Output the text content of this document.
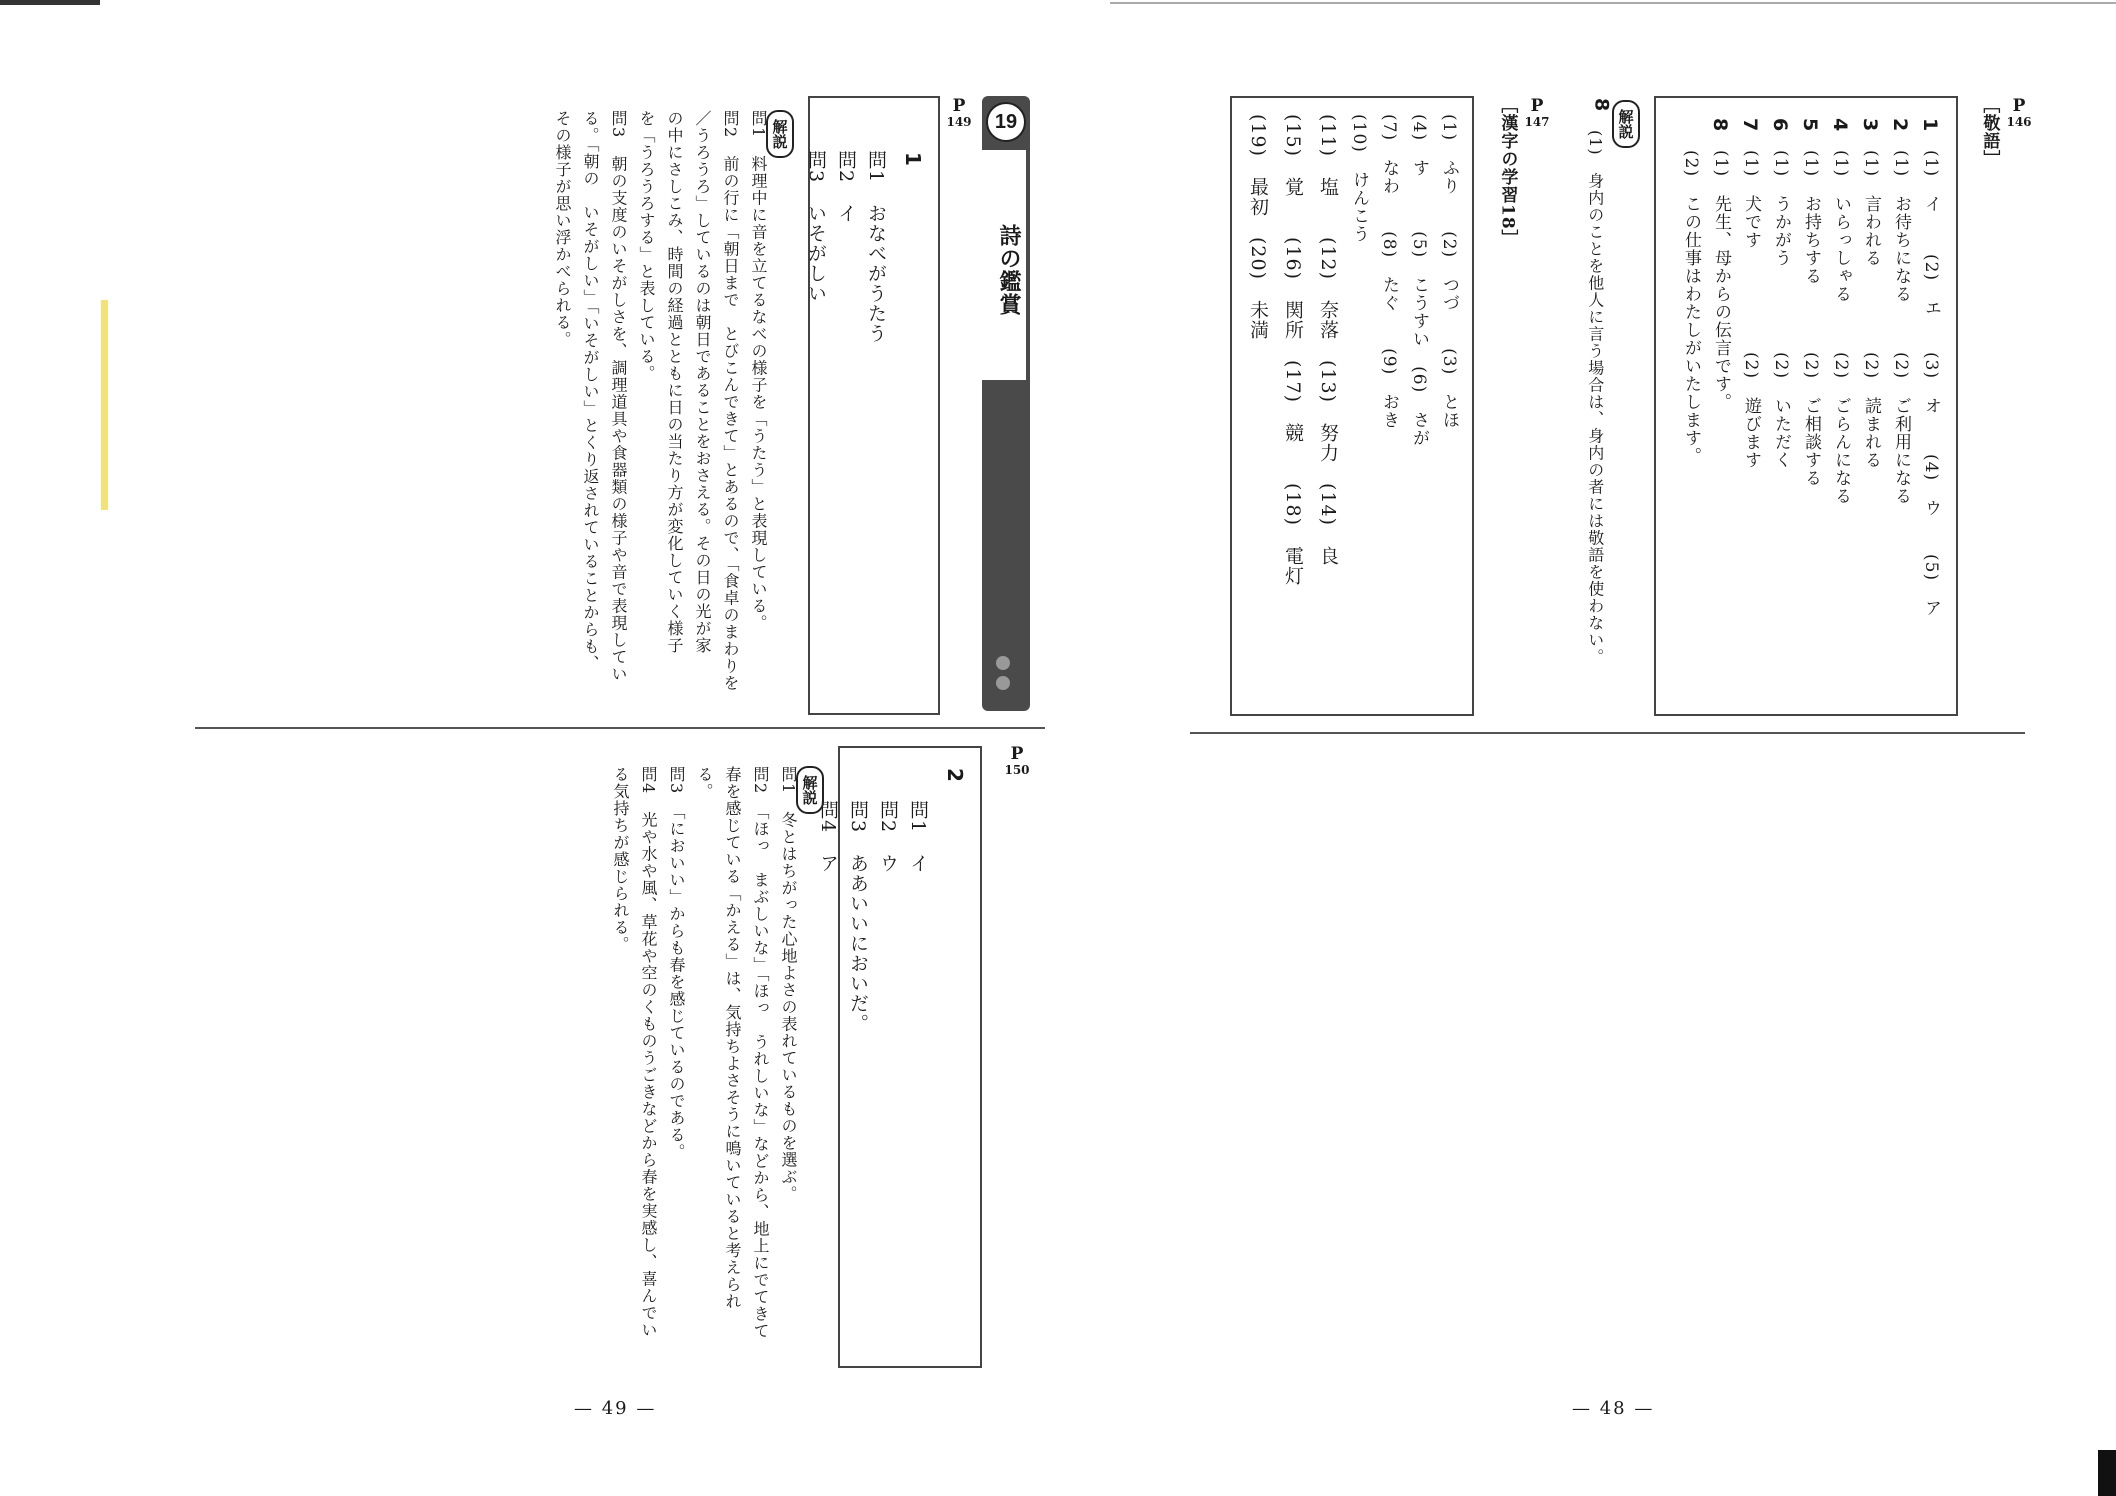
19
詩の鑑賞
P
149
1
問1　おなべがうたう
問2　イ
問3　いそがしい
解説
問1　料理中に音を立てるなべの様子を「うたう」と表現している。
問2　前の行に「朝日まで　とびこんできて」とあるので、「食卓のまわりを
／うろうろ」しているのは朝日であることをおさえる。その日の光が家
の中にさしこみ、時間の経過とともに日の当たり方が変化していく様子
を「うろうろする」と表している。
問3　朝の支度のいそがしさを、調理道具や食器類の様子や音で表現してい
る。「朝の　いそがしい」「いそがしい」とくり返されていることからも、
その様子が思い浮かべられる。
P
150
2
問1　イ
問2　ウ
問3　ああいいにおいだ。
問4　ア
解説
問1　冬とはちがった心地よさの表れているものを選ぶ。
問2　「ほっ　まぶしいな」「ほっ　うれしいな」などから、地上にでてきて
春を感じている「かえる」は、気持ちよさそうに鳴いていると考えられ
る。
問3　「においい」からも春を感じているのである。
問4　光や水や風、草花や空のくものうごきなどから春を実感し、喜んでい
る気持ちが感じられる。
— 49 —
P
146
［敬語］
1
(1)　イ
(2)　エ
(3)　オ
(4)　ウ
(5)　ア
2
(1)　お待ちになる
(2)　ご利用になる
3
(1)　言われる
(2)　読まれる
4
(1)　いらっしゃる
(2)　ごらんになる
5
(1)　お持ちする
(2)　ご相談する
6
(1)　うかがう
(2)　いただく
7
(1)　犬です
(2)　遊びます
8
(1)　先生、母からの伝言です。
(2)　この仕事はわたしがいたします。
解説
8
(1)　身内のことを他人に言う場合は、身内の者には敬語を使わない。
P
147
［漢字の学習18］
(1)　ふり　　(2)　つづ　　(3)　とほ
(4)　す　　　(5)　こうすい　(6)　さが
(7)　なわ　　(8)　たぐ　　(9)　おき
(10)　けんこう
(11)　塩　　(12)　奈落　(13)　努力　(14)　良
(15)　覚　　(16)　関所　(17)　競　　(18)　電灯
(19)　最初　(20)　未満
— 48 —
